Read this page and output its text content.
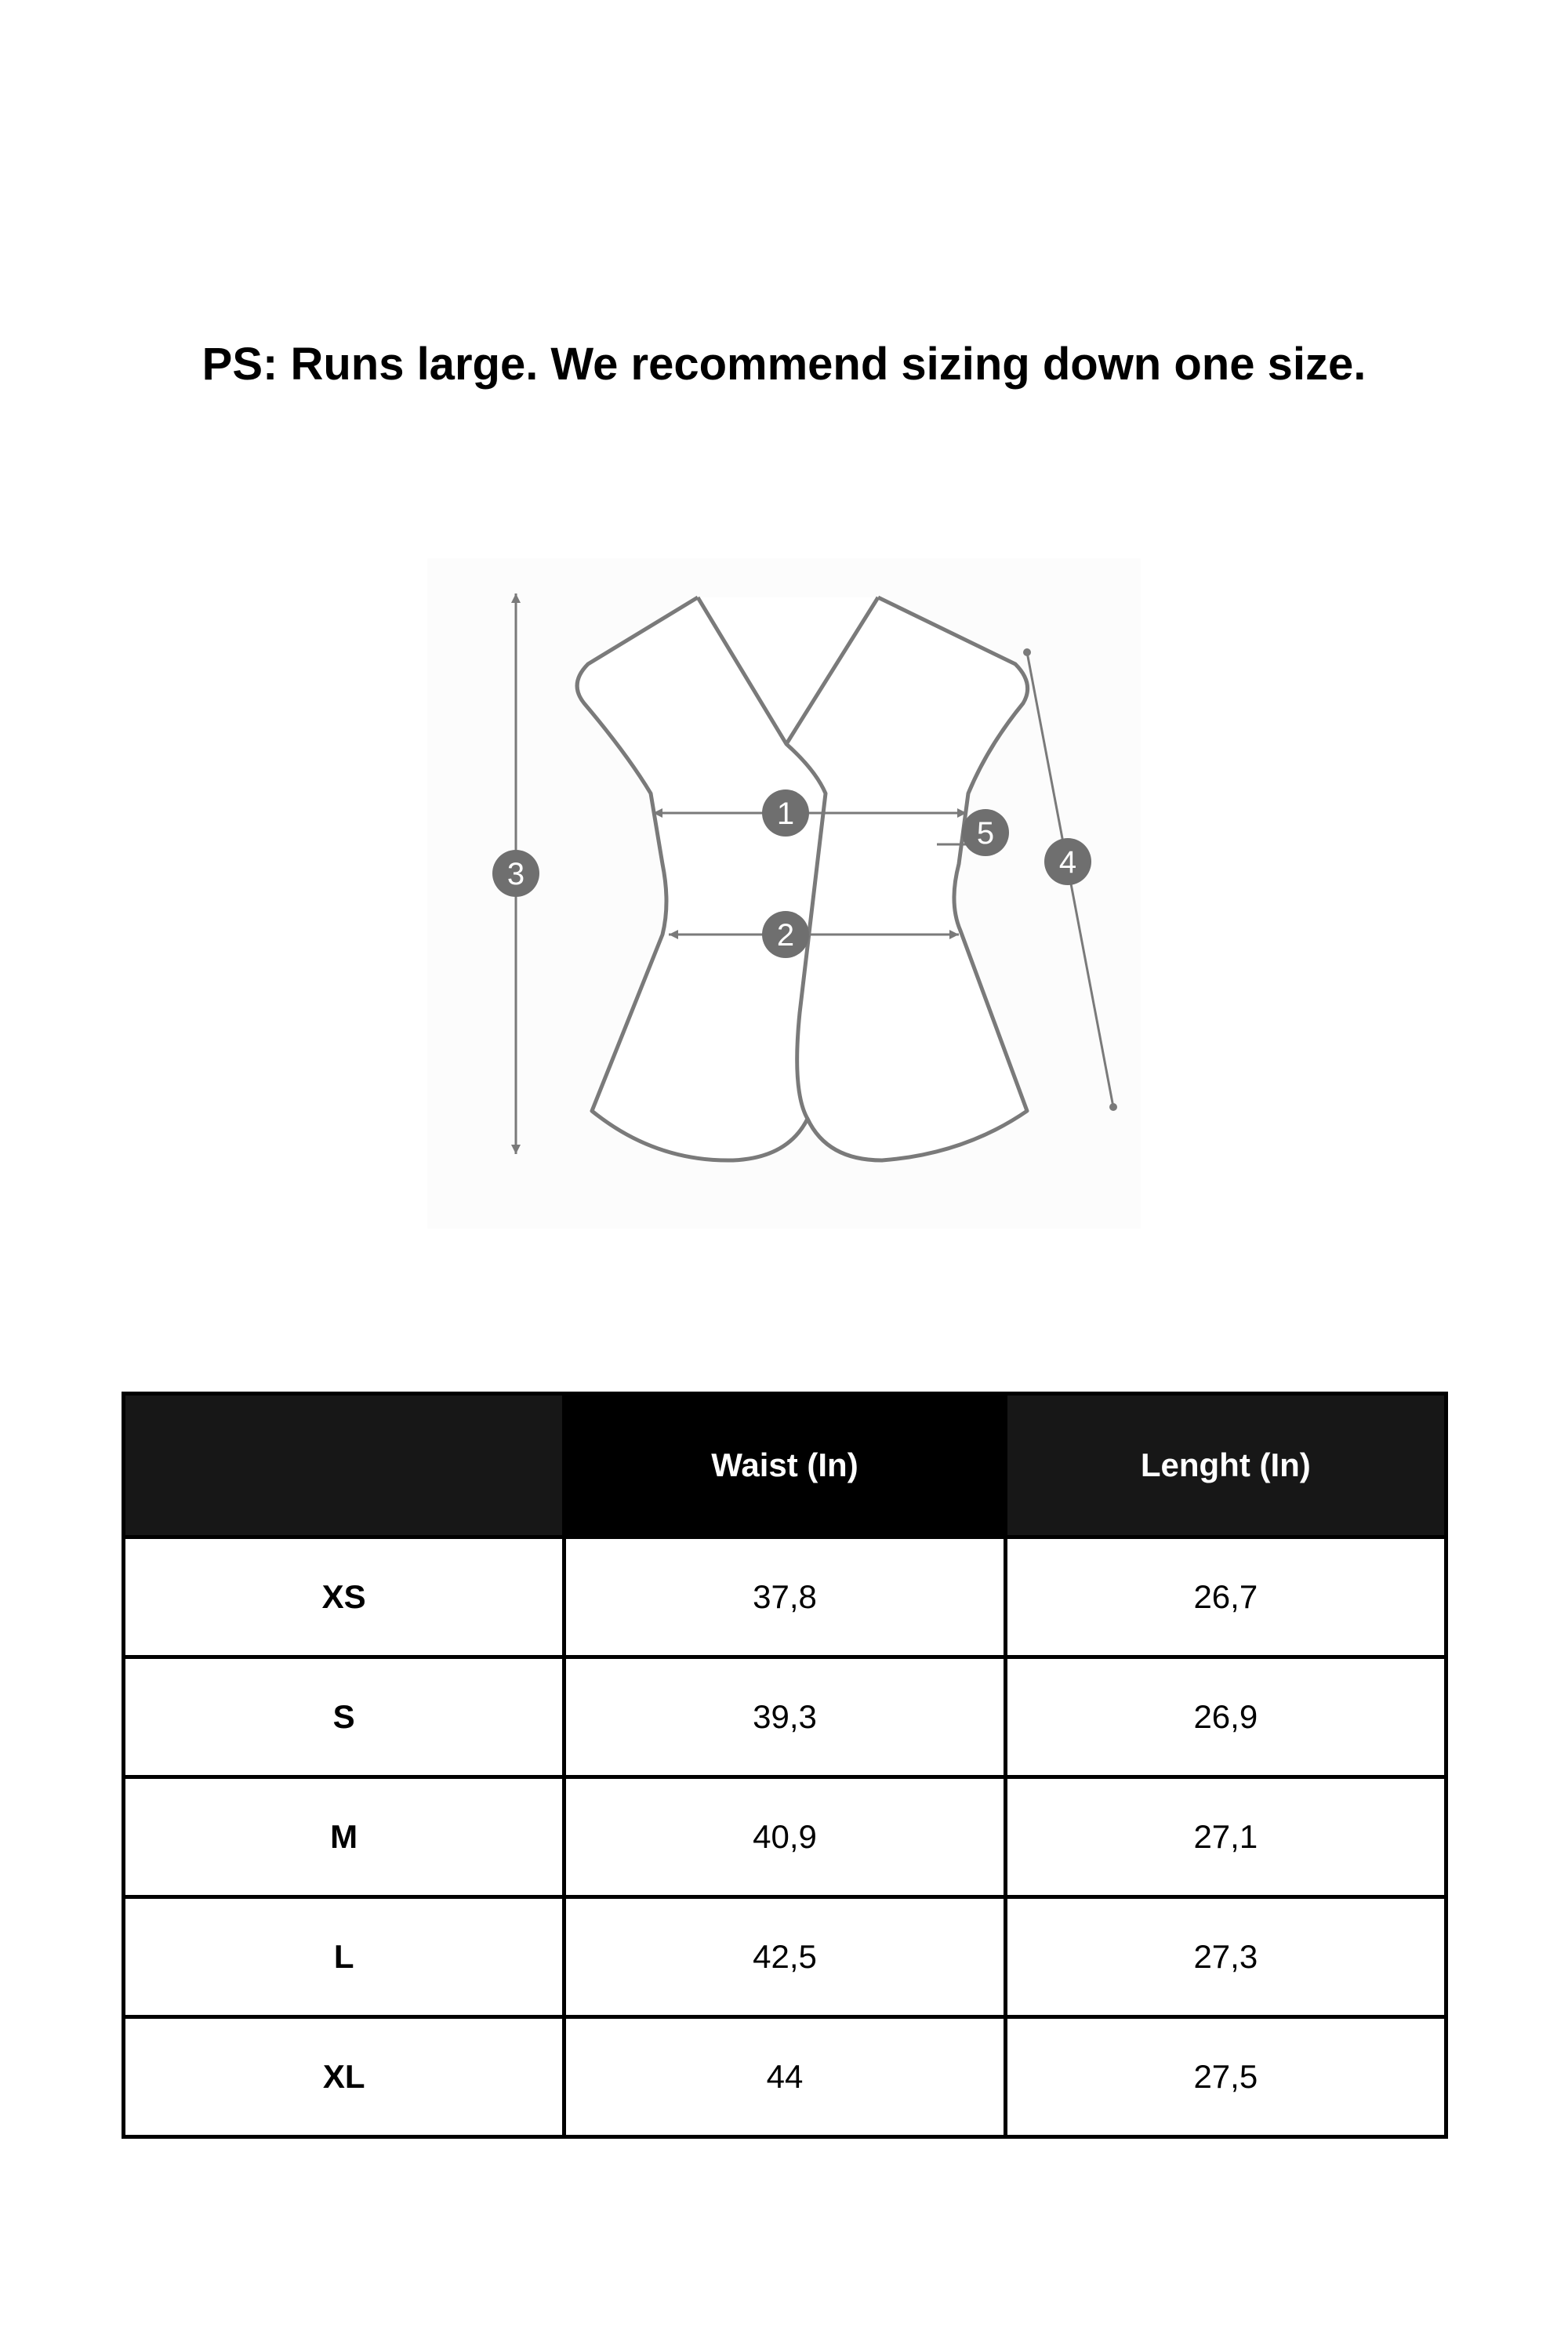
PS: Runs large. We recommend sizing down one size.
1
2
3	4
5
	Waist (In)	Lenght (In)
XS	37,8	26,7
S	39,3	26,9
M	40,9	27,1
L	42,5	27,3
XL	44	27,5
